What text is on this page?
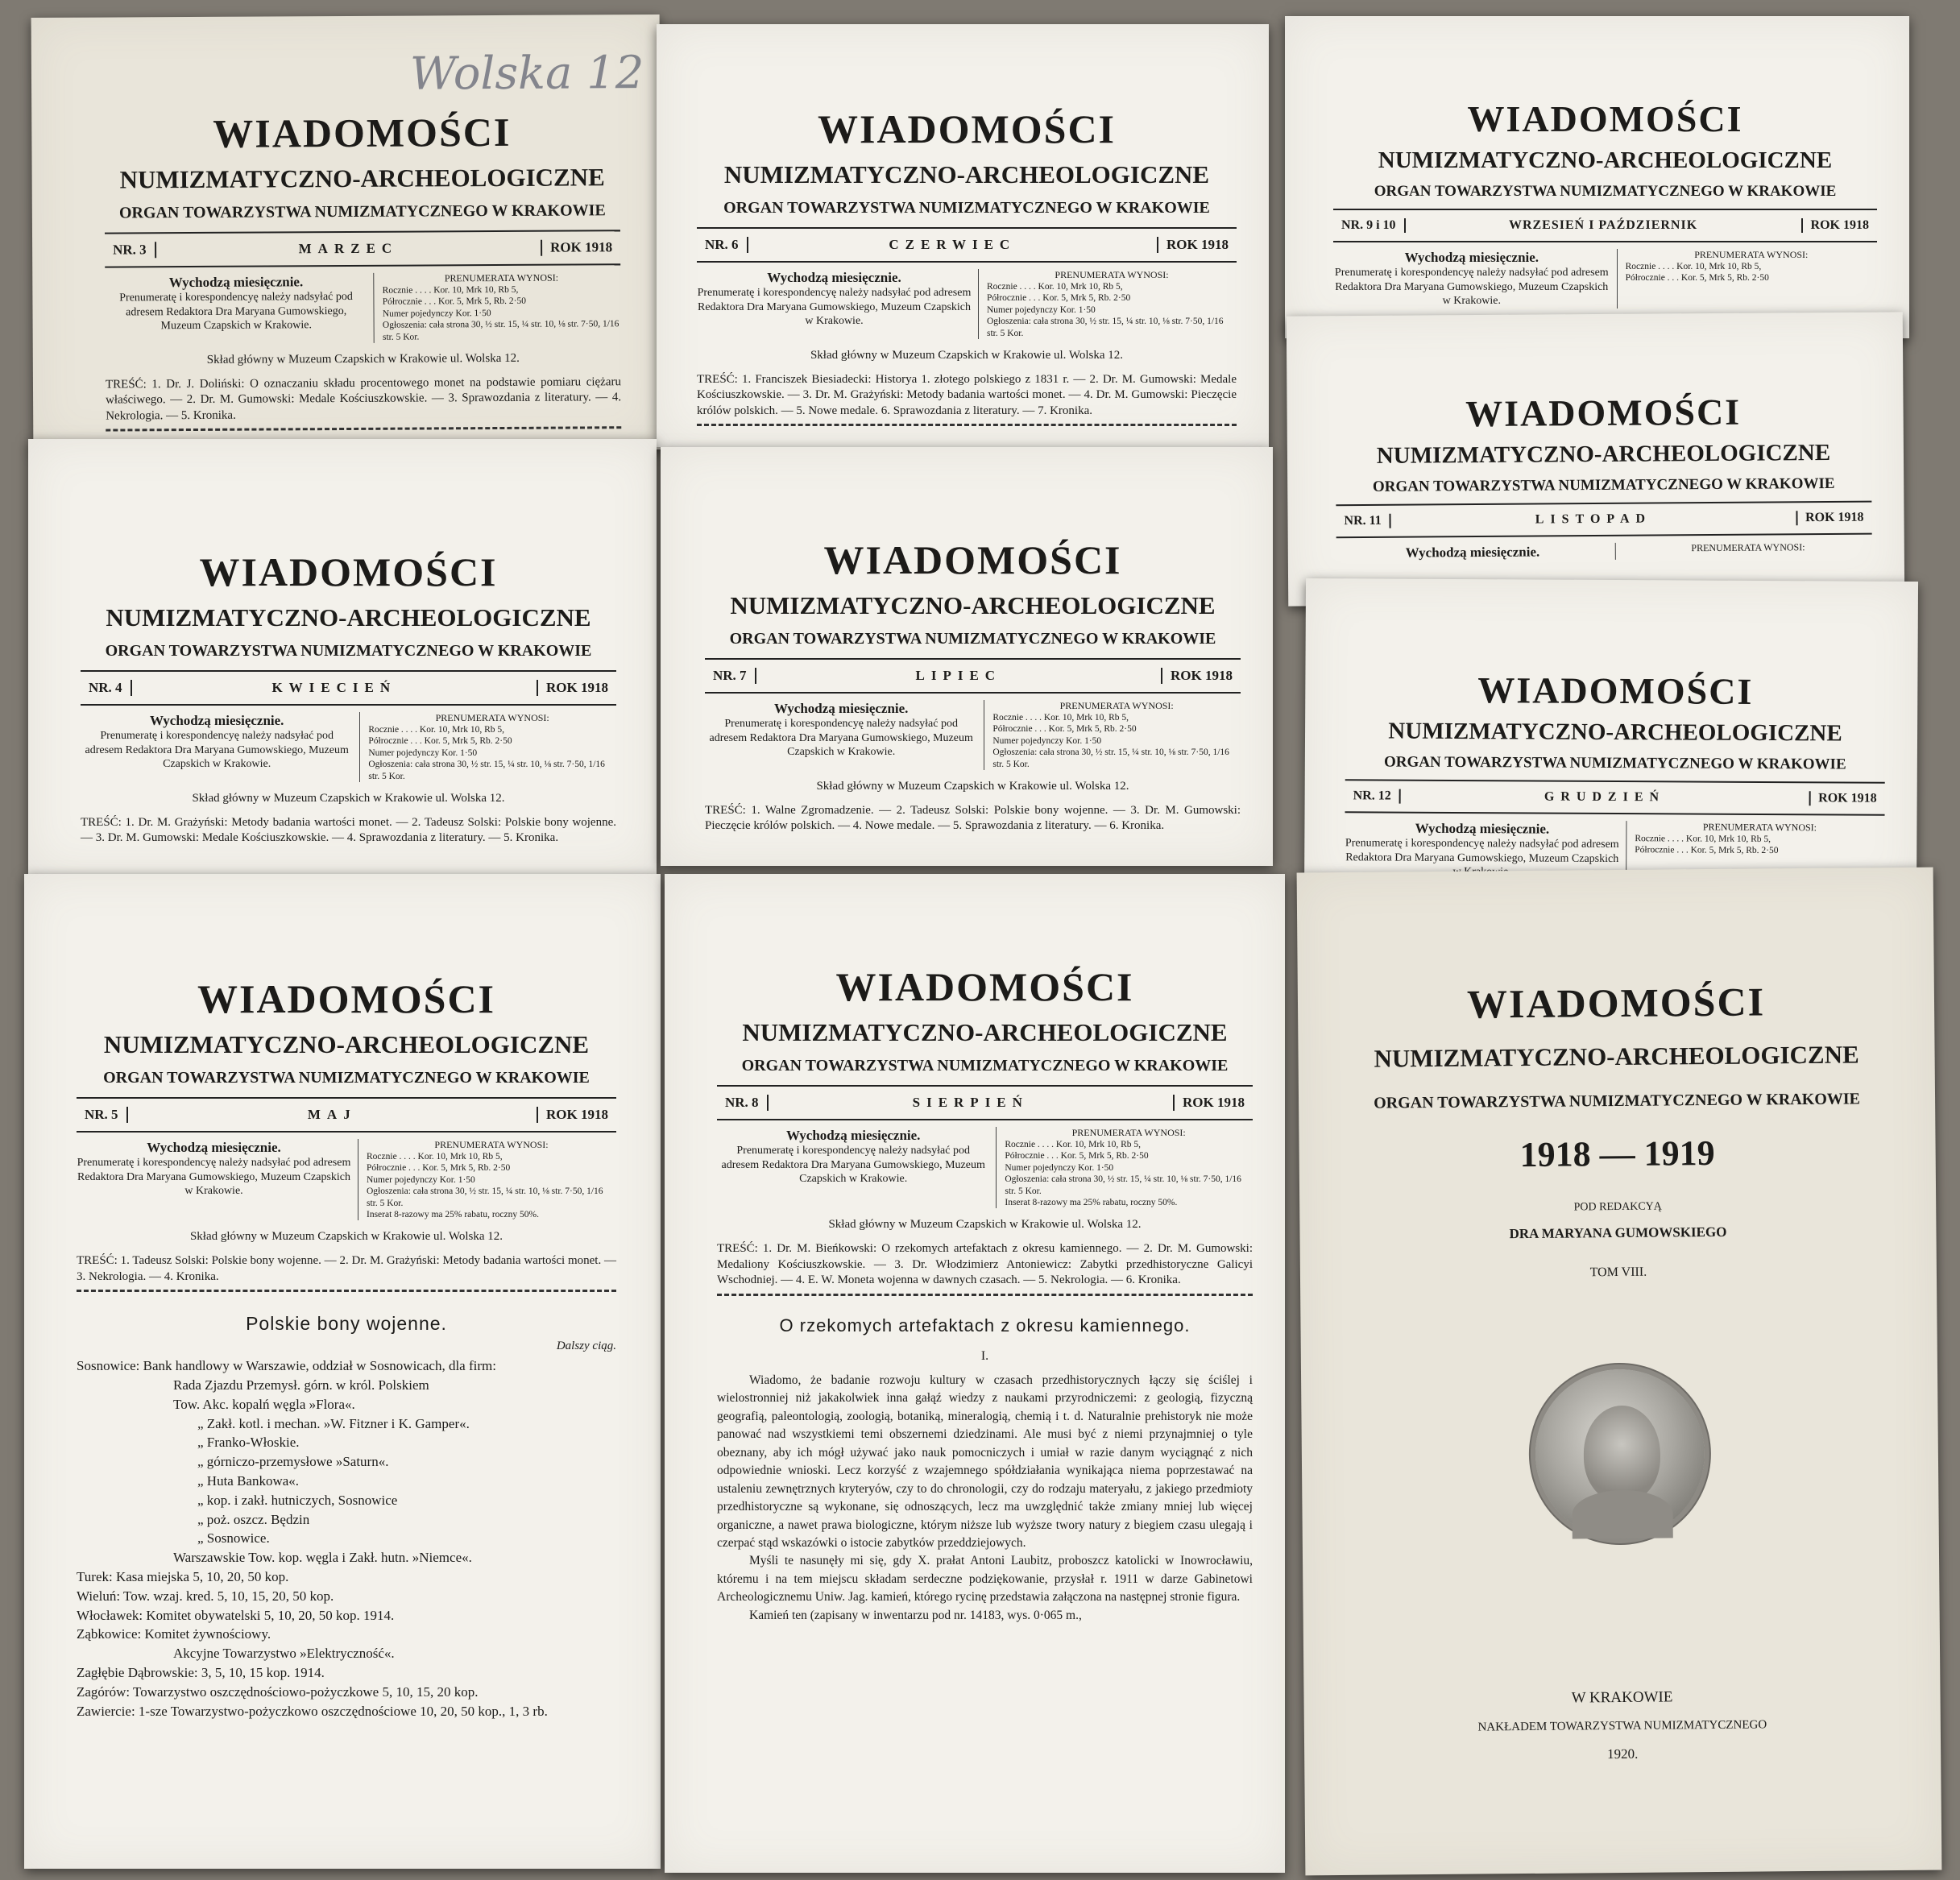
Wolska 12
WIADOMOŚCI
NUMIZMATYCZNO-ARCHEOLOGICZNE
ORGAN TOWARZYSTWA NUMIZMATYCZNEGO W KRAKOWIE
NR. 3	MARZEC	ROK 1918
Wychodzą miesięcznie.
Prenumeratę i korespondencyę należy nadsyłać pod adresem Redaktora Dra Maryana Gumowskiego, Muzeum Czapskich w Krakowie.
PRENUMERATA WYNOSI:
Rocznie . . . . Kor. 10, Mrk 10, Rb 5,
Półrocznie . . . Kor. 5, Mrk 5, Rb. 2·50
Numer pojedynczy Kor. 1·50
Ogłoszenia: cała strona 30, ½ str. 15, ¼ str. 10, ⅛ str. 7·50, 1/16 str. 5 Kor.
Skład główny w Muzeum Czapskich w Krakowie ul. Wolska 12.
TREŚĆ: 1. Dr. J. Doliński: O oznaczaniu składu procentowego monet na podstawie pomiaru ciężaru właściwego. — 2. Dr. M. Gumowski: Medale Kościuszkowskie. — 3. Sprawozdania z literatury. — 4. Nekrologia. — 5. Kronika.
WIADOMOŚCI
NUMIZMATYCZNO-ARCHEOLOGICZNE
ORGAN TOWARZYSTWA NUMIZMATYCZNEGO W KRAKOWIE
NR. 6	CZERWIEC	ROK 1918
Wychodzą miesięcznie.
Prenumeratę i korespondencyę należy nadsyłać pod adresem Redaktora Dra Maryana Gumowskiego, Muzeum Czapskich w Krakowie.
PRENUMERATA WYNOSI:
Rocznie . . . . Kor. 10, Mrk 10, Rb 5,
Półrocznie . . . Kor. 5, Mrk 5, Rb. 2·50
Numer pojedynczy Kor. 1·50
Ogłoszenia: cała strona 30, ½ str. 15, ¼ str. 10, ⅛ str. 7·50, 1/16 str. 5 Kor.
Skład główny w Muzeum Czapskich w Krakowie ul. Wolska 12.
TREŚĆ: 1. Franciszek Biesiadecki: Historya 1. złotego polskiego z 1831 r. — 2. Dr. M. Gumowski: Medale Kościuszkowskie. — 3. Dr. M. Grażyński: Metody badania wartości monet. — 4. Dr. M. Gumowski: Pieczęcie królów polskich. — 5. Nowe medale. 6. Sprawozdania z literatury. — 7. Kronika.
WIADOMOŚCI
NUMIZMATYCZNO-ARCHEOLOGICZNE
ORGAN TOWARZYSTWA NUMIZMATYCZNEGO W KRAKOWIE
NR. 9 i 10	WRZESIEŃ I PAŹDZIERNIK	ROK 1918
Wychodzą miesięcznie.
Prenumeratę i korespondencyę należy nadsyłać pod adresem Redaktora Dra Maryana Gumowskiego, Muzeum Czapskich w Krakowie.
PRENUMERATA WYNOSI:
Rocznie . . . . Kor. 10, Mrk 10, Rb 5,
Półrocznie . . . Kor. 5, Mrk 5, Rb. 2·50
WIADOMOŚCI
NUMIZMATYCZNO-ARCHEOLOGICZNE
ORGAN TOWARZYSTWA NUMIZMATYCZNEGO W KRAKOWIE
NR. 11	LISTOPAD	ROK 1918
Wychodzą miesięcznie.	PRENUMERATA WYNOSI:
WIADOMOŚCI
NUMIZMATYCZNO-ARCHEOLOGICZNE
ORGAN TOWARZYSTWA NUMIZMATYCZNEGO W KRAKOWIE
NR. 4	KWIECIEŃ	ROK 1918
Wychodzą miesięcznie.
Prenumeratę i korespondencyę należy nadsyłać pod adresem Redaktora Dra Maryana Gumowskiego, Muzeum Czapskich w Krakowie.
PRENUMERATA WYNOSI:
Rocznie . . . . Kor. 10, Mrk 10, Rb 5,
Półrocznie . . . Kor. 5, Mrk 5, Rb. 2·50
Numer pojedynczy Kor. 1·50
Ogłoszenia: cała strona 30, ½ str. 15, ¼ str. 10, ⅛ str. 7·50, 1/16 str. 5 Kor.
Skład główny w Muzeum Czapskich w Krakowie ul. Wolska 12.
TREŚĆ: 1. Dr. M. Grażyński: Metody badania wartości monet. — 2. Tadeusz Solski: Polskie bony wojenne. — 3. Dr. M. Gumowski: Medale Kościuszkowskie. — 4. Sprawozdania z literatury. — 5. Kronika.
WIADOMOŚCI
NUMIZMATYCZNO-ARCHEOLOGICZNE
ORGAN TOWARZYSTWA NUMIZMATYCZNEGO W KRAKOWIE
NR. 7	LIPIEC	ROK 1918
Wychodzą miesięcznie.
Prenumeratę i korespondencyę należy nadsyłać pod adresem Redaktora Dra Maryana Gumowskiego, Muzeum Czapskich w Krakowie.
PRENUMERATA WYNOSI:
Rocznie . . . . Kor. 10, Mrk 10, Rb 5,
Półrocznie . . . Kor. 5, Mrk 5, Rb. 2·50
Numer pojedynczy Kor. 1·50
Ogłoszenia: cała strona 30, ½ str. 15, ¼ str. 10, ⅛ str. 7·50, 1/16 str. 5 Kor.
Skład główny w Muzeum Czapskich w Krakowie ul. Wolska 12.
TREŚĆ: 1. Walne Zgromadzenie. — 2. Tadeusz Solski: Polskie bony wojenne. — 3. Dr. M. Gumowski: Pieczęcie królów polskich. — 4. Nowe medale. — 5. Sprawozdania z literatury. — 6. Kronika.
WIADOMOŚCI
NUMIZMATYCZNO-ARCHEOLOGICZNE
ORGAN TOWARZYSTWA NUMIZMATYCZNEGO W KRAKOWIE
NR. 12	GRUDZIEŃ	ROK 1918
Wychodzą miesięcznie.
Prenumeratę i korespondencyę należy nadsyłać pod adresem Redaktora Dra Maryana Gumowskiego, Muzeum Czapskich
PRENUMERATA WYNOSI:
Rocznie . . . . Kor. 10, Mrk 10, Rb 5,
Półrocznie . . . Kor. 5, Mrk 5, Rb. 2·50
WIADOMOŚCI
NUMIZMATYCZNO-ARCHEOLOGICZNE
ORGAN TOWARZYSTWA NUMIZMATYCZNEGO W KRAKOWIE
NR. 5	MAJ	ROK 1918
Wychodzą miesięcznie.
Prenumeratę i korespondencyę należy nadsyłać pod adresem Redaktora Dra Maryana Gumowskiego, Muzeum Czapskich w Krakowie.
PRENUMERATA WYNOSI:
Rocznie . . . . Kor. 10, Mrk 10, Rb 5,
Półrocznie . . . Kor. 5, Mrk 5, Rb. 2·50
Numer pojedynczy Kor. 1·50
Ogłoszenia: cała strona 30, ½ str. 15, ¼ str. 10, ⅛ str. 7·50, 1/16 str. 5 Kor.
Inserat 8-razowy ma 25% rabatu, roczny 50%.
Skład główny w Muzeum Czapskich w Krakowie ul. Wolska 12.
TREŚĆ: 1. Tadeusz Solski: Polskie bony wojenne. — 2. Dr. M. Grażyński: Metody badania wartości monet. — 3. Nekrologia. — 4. Kronika.
Polskie bony wojenne.
Dalszy ciąg.
Sosnowice: Bank handlowy w Warszawie, oddział w Sosnowicach, dla firm:
Rada Zjazdu Przemysł. górn. w król. Polskiem
Tow. Akc. kopalń węgla »Flora«.
„ Zakł. kotl. i mechan. »W. Fitzner i K. Gamper«.
„ Franko-Włoskie.
„ górniczo-przemysłowe »Saturn«.
„ Huta Bankowa«.
„ kop. i zakł. hutniczych, Sosnowice
„ poż. oszcz. Będzin
„ Sosnowice.
Warszawskie Tow. kop. węgla i Zakł. hutn. »Niemce«.
Turek: Kasa miejska 5, 10, 20, 50 kop.
Wieluń: Tow. wzaj. kred. 5, 10, 15, 20, 50 kop.
Włocławek: Komitet obywatelski 5, 10, 20, 50 kop. 1914.
Ząbkowice: Komitet żywnościowy.
Akcyjne Towarzystwo »Elektryczność«.
Zagłębie Dąbrowskie: 3, 5, 10, 15 kop. 1914.
Zagórów: Towarzystwo oszczędnościowo-pożyczkowe 5, 10, 15, 20 kop.
Zawiercie: 1-sze Towarzystwo-pożyczkowo oszczędnościowe 10, 20, 50 kop., 1, 3 rb.
WIADOMOŚCI
NUMIZMATYCZNO-ARCHEOLOGICZNE
ORGAN TOWARZYSTWA NUMIZMATYCZNEGO W KRAKOWIE
NR. 8	SIERPIEŃ	ROK 1918
Wychodzą miesięcznie.
Prenumeratę i korespondencyę należy nadsyłać pod adresem Redaktora Dra Maryana Gumowskiego, Muzeum Czapskich w Krakowie.
PRENUMERATA WYNOSI:
Rocznie . . . . Kor. 10, Mrk 10, Rb 5,
Półrocznie . . . Kor. 5, Mrk 5, Rb. 2·50
Numer pojedynczy Kor. 1·50
Ogłoszenia: cała strona 30, ½ str. 15, ¼ str. 10, ⅛ str. 7·50, 1/16 str. 5 Kor.
Inserat 8-razowy ma 25% rabatu, roczny 50%.
Skład główny w Muzeum Czapskich w Krakowie ul. Wolska 12.
TREŚĆ: 1. Dr. M. Bieńkowski: O rzekomych artefaktach z okresu kamiennego. — 2. Dr. M. Gumowski: Medaliony Kościuszkowskie. — 3. Dr. Włodzimierz Antoniewicz: Zabytki przedhistoryczne Galicyi Wschodniej. — 4. E. W. Moneta wojenna w dawnych czasach. — 5. Nekrologia. — 6. Kronika.
O rzekomych artefaktach z okresu kamiennego.
I.
Wiadomo, że badanie rozwoju kultury w czasach przedhistorycznych łączy się ściślej i wielostronniej niż jakakolwiek inna gałąź wiedzy z naukami przyrodniczemi: z geologią, fizyczną geografią, paleontologią, zoologią, botaniką, mineralogią, chemią i t. d. Naturalnie prehistoryk nie może panować nad wszystkiemi temi obszernemi dziedzinami. Ale musi być z niemi przynajmniej o tyle obeznany, aby ich mógł używać jako nauk pomocniczych i umiał w razie danym wyciągnąć z nich odpowiednie wnioski. Lecz korzyść z wzajemnego spółdziałania wynikająca niema poprzestawać na ustaleniu zewnętrznych kryteryów, czy to do chronologii, czy do rodzaju materyału, z jakiego przedmioty przedhistoryczne są wykonane, się odnoszących, lecz ma uwzględnić także zmiany mniej lub więcej organiczne, a nawet prawa biologiczne, którym niższe lub wyższe twory natury z biegiem czasu ulegają i czerpać stąd wskazówki o istocie zabytków przeddziejowych.
Myśli te nasunęły mi się, gdy X. prałat Antoni Laubitz, proboszcz katolicki w Inowrocławiu, któremu i na tem miejscu składam serdeczne podziękowanie, przysłał r. 1911 w darze Gabinetowi Archeologicznemu Uniw. Jag. kamień, którego rycinę przedstawia załączona na następnej stronie figura.
Kamień ten (zapisany w inwentarzu pod nr. 14183, wys. 0·065 m.,
WIADOMOŚCI
NUMIZMATYCZNO-ARCHEOLOGICZNE
ORGAN TOWARZYSTWA NUMIZMATYCZNEGO W KRAKOWIE
1918 — 1919
POD REDAKCYĄ
DRA MARYANA GUMOWSKIEGO
TOM VIII.
W KRAKOWIE
NAKŁADEM TOWARZYSTWA NUMIZMATYCZNEGO
1920.
